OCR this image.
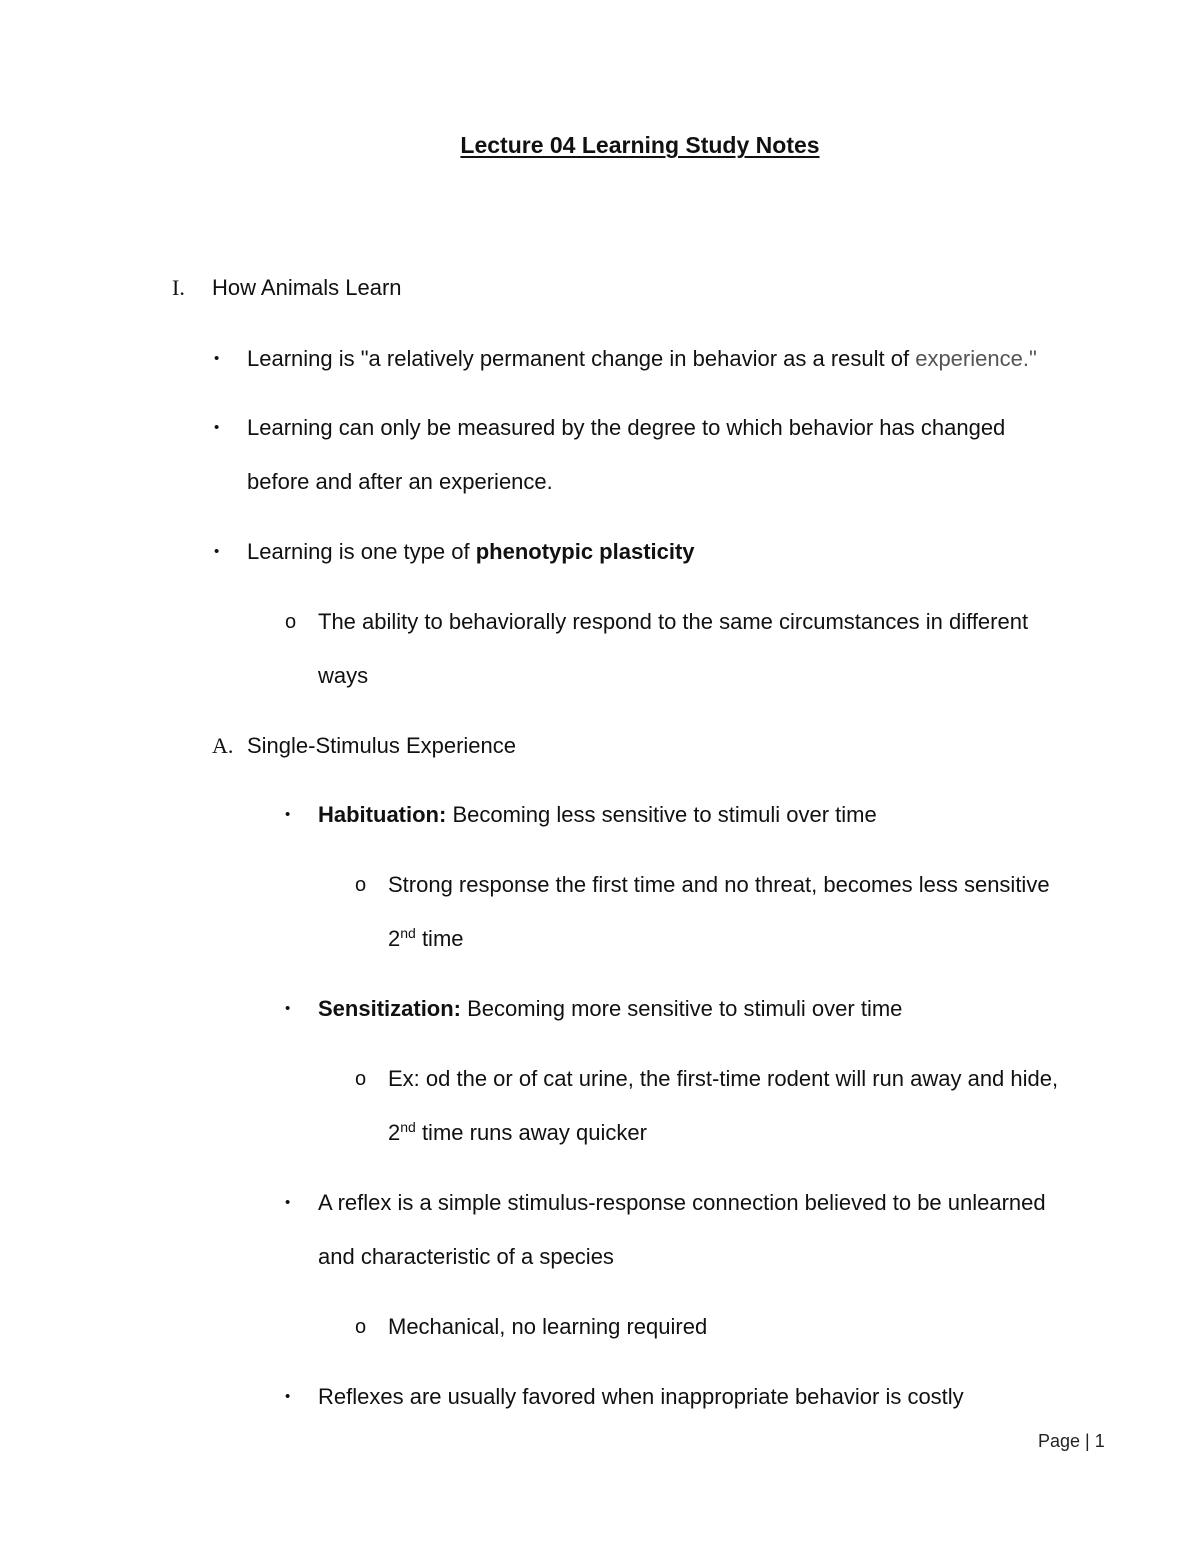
Lecture 04 Learning Study Notes
I. How Animals Learn
• Learning is "a relatively permanent change in behavior as a result of experience."
• Learning can only be measured by the degree to which behavior has changed
before and after an experience.
• Learning is one type of phenotypic plasticity
o The ability to behaviorally respond to the same circumstances in different
ways
A. Single-Stimulus Experience
• Habituation: Becoming less sensitive to stimuli over time
o Strong response the first time and no threat, becomes less sensitive
2nd time
• Sensitization: Becoming more sensitive to stimuli over time
o Ex: od the or of cat urine, the first-time rodent will run away and hide,
2nd time runs away quicker
• A reflex is a simple stimulus-response connection believed to be unlearned
and characteristic of a species
o Mechanical, no learning required
• Reflexes are usually favored when inappropriate behavior is costly
Page | 1
